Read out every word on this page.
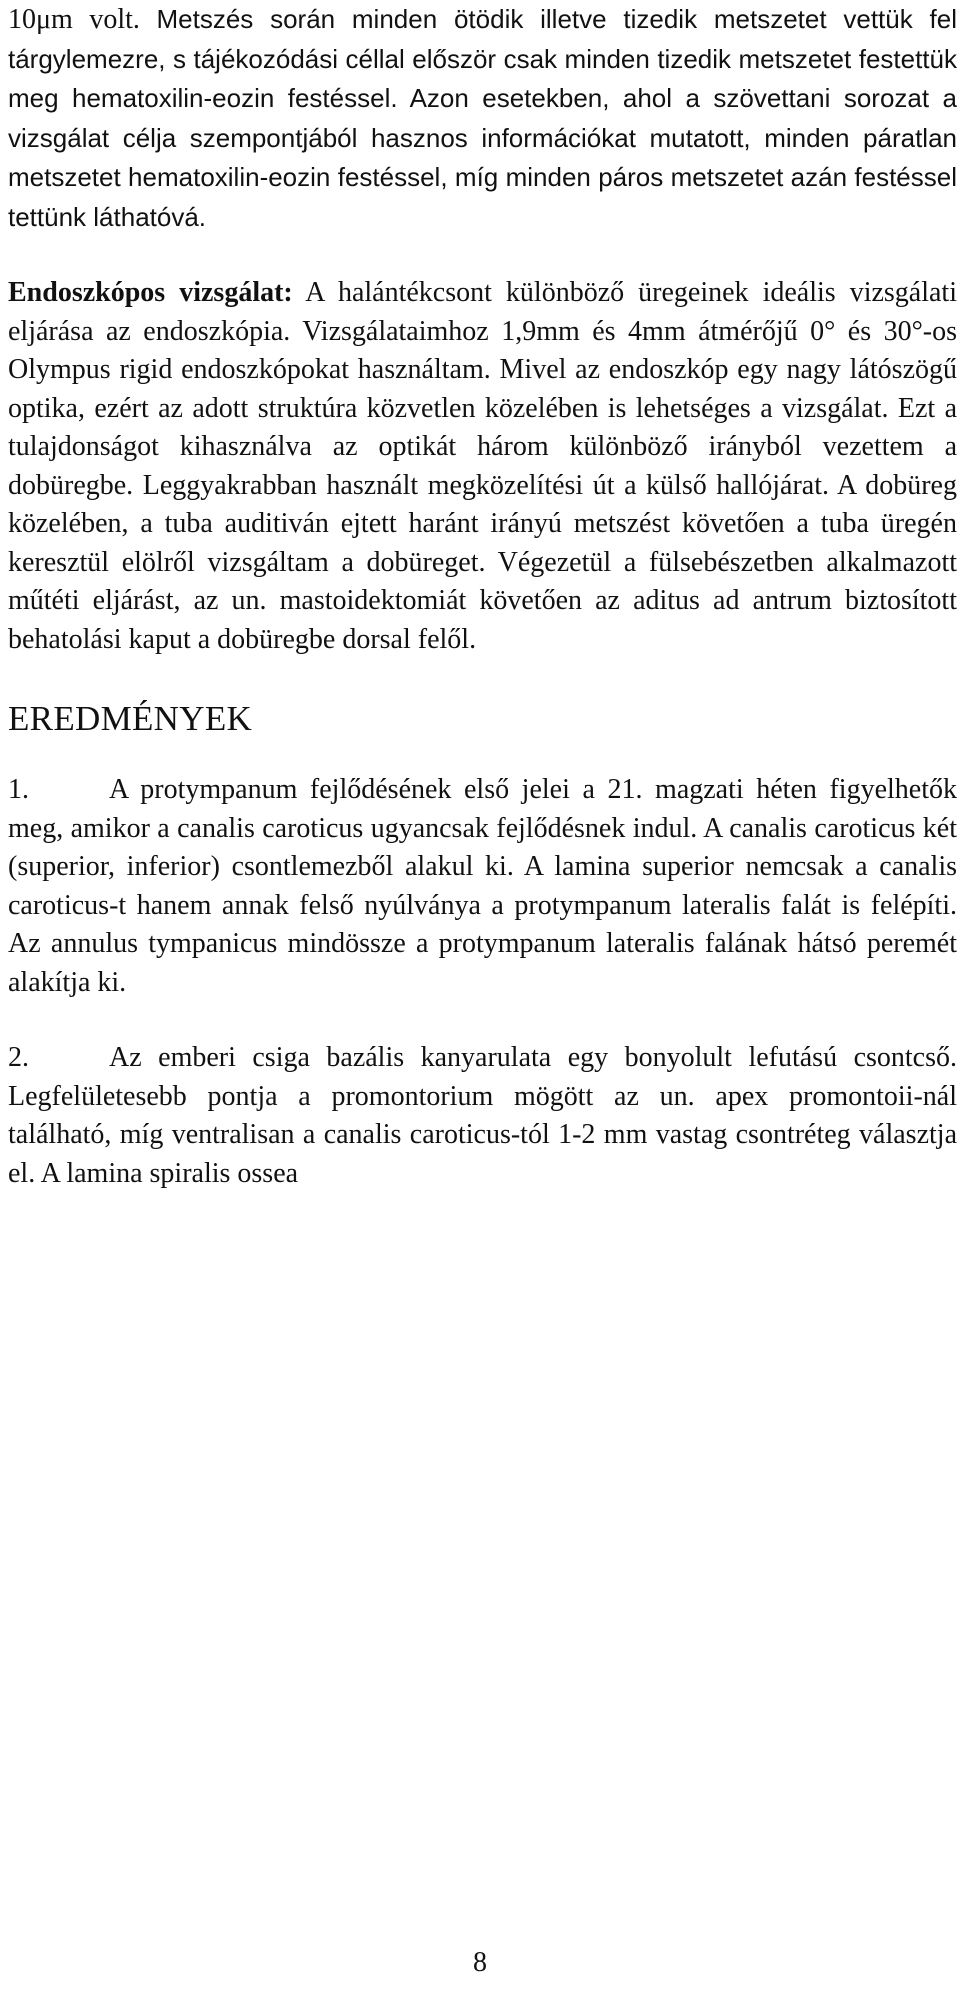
10μm volt. Metszés során minden ötödik illetve tizedik metszetet vettük fel tárgylemezre, s tájékozódási céllal először csak minden tizedik metszetet festettük meg hematoxilin-eozin festéssel. Azon esetekben, ahol a szövettani sorozat a vizsgálat célja szempontjából hasznos információkat mutatott, minden páratlan metszetet hematoxilin-eozin festéssel, míg minden páros metszetet azán festéssel tettünk láthatóvá.

Endoszkópos vizsgálat: A halántékcsont különböző üregeinek ideális vizsgálati eljárása az endoszkópia. Vizsgálataimhoz 1,9mm és 4mm átmérőjű 0° és 30°-os Olympus rigid endoszkópokat használtam. Mivel az endoszkóp egy nagy látószögű optika, ezért az adott struktúra közvetlen közelében is lehetséges a vizsgálat. Ezt a tulajdonságot kihasználva az optikát három különböző irányból vezettem a dobüregbe. Leggyakrabban használt megközelítési út a külső hallójárat. A dobüreg közelében, a tuba auditiván ejtett haránt irányú metszést követően a tuba üregén keresztül elölről vizsgáltam a dobüreget. Végezetül a fülsebészetben alkalmazott műtéti eljárást, az un. mastoidektomiát követően az aditus ad antrum biztosított behatolási kaput a dobüregbe dorsal felől.

EREDMÉNYEK

1.	A protympanum fejlődésének első jelei a 21. magzati héten figyelhetők meg, amikor a canalis caroticus ugyancsak fejlődésnek indul. A canalis caroticus két (superior, inferior) csontlemezből alakul ki. A lamina superior nemcsak a canalis caroticus-t hanem annak felső nyúlványa a protympanum lateralis falát is felépíti. Az annulus tympanicus mindössze a protympanum lateralis falának hátsó peremét alakítja ki.

2.	Az emberi csiga bazális kanyarulata egy bonyolult lefutású csontcső. Legfelületesebb pontja a promontorium mögött az un. apex promontoii-nál található, míg ventralisan a canalis caroticus-tól 1-2 mm vastag csontréteg választja el. A lamina spiralis ossea

8
